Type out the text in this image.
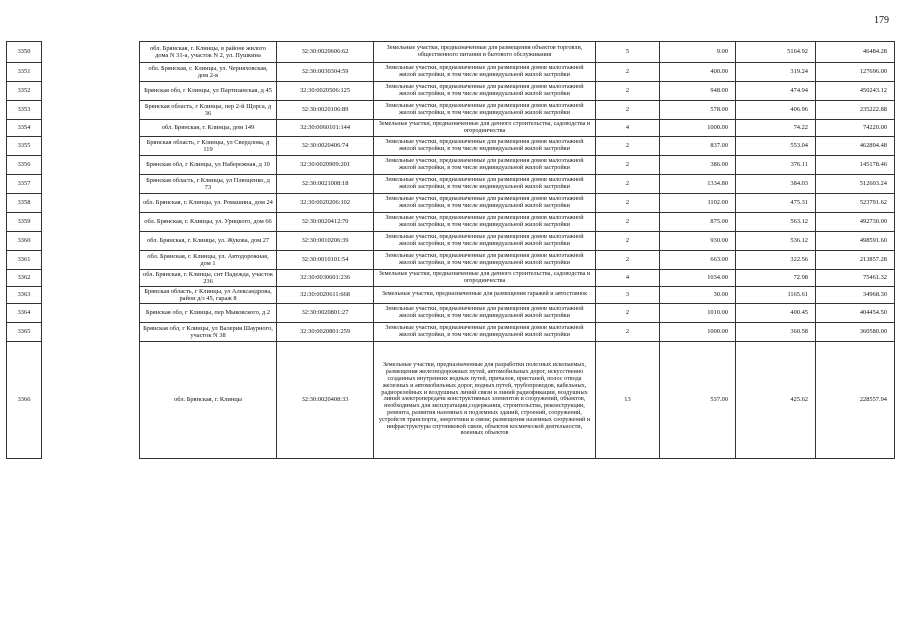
179
3350		обл. Брянская, г. Клинцы, в районе жилого дома N 31-а, участок N 2, ул. Пушкина	32:30:0020606:62	Земельные участки, предназначенные для размещения объектов торговли, общественного питания и бытового обслуживания	5	9.00	5164.92	46484.28
3351		обл. Брянская, г. Клинцы, ул. Черняховская, дом 2-в	32:30:0030304:59	Земельные участки, предназначенные для размещения домов малоэтажной жилой застройки, в том числе индивидуальной жилой застройки	2	400.00	319.24	127696.00
3352		Брянская обл, г Клинцы, ул Партизанская, д 45	32:30:0020506:125	Земельные участки, предназначенные для размещения домов малоэтажной жилой застройки, в том числе индивидуальной жилой застройки	2	948.00	474.94	450243.12
3353		Брянская область, г Клинцы, пер 2-й Щорса, д 36	32:30:0020106:89	Земельные участки, предназначенные для размещения домов малоэтажной жилой застройки, в том числе индивидуальной жилой застройки	2	578.00	406.96	235222.88
3354		обл. Брянская, г. Клинцы, дом 149	32:30:0060101:144	Земельные участки, предназначенные для дачного строительства, садоводства и огородничества	4	1000.00	74.22	74220.00
3355		Брянская область, г Клинцы, ул Свердлова, д 119	32:30:0020406:74	Земельные участки, предназначенные для размещения домов малоэтажной жилой застройки, в том числе индивидуальной жилой застройки	2	837.00	553.04	462894.48
3356		Брянская обл, г Клинцы, ул Набережная, д 10	32:30:0020909:201	Земельные участки, предназначенные для размещения домов малоэтажной жилой застройки, в том числе индивидуальной жилой застройки	2	386.00	376.11	145178.46
3357		Брянская область, г Клинцы, ул Плющенко, д 73	32:30:0021008:18	Земельные участки, предназначенные для размещения домов малоэтажной жилой застройки, в том числе индивидуальной жилой застройки	2	1334.80	384.03	512603.24
3358		обл. Брянская, г. Клинцы, ул. Ромашина, дом 24	32:30:0020206:102	Земельные участки, предназначенные для размещения домов малоэтажной жилой застройки, в том числе индивидуальной жилой застройки	2	1102.00	475.31	523791.62
3359		обл. Брянская, г. Клинцы, ул. Урицкого, дом 66	32:30:0020412:70	Земельные участки, предназначенные для размещения домов малоэтажной жилой застройки, в том числе индивидуальной жилой застройки	2	875.00	563.12	492730.00
3360		обл. Брянская, г. Клинцы, ул. Жукова, дом 27	32:30:0010206:39	Земельные участки, предназначенные для размещения домов малоэтажной жилой застройки, в том числе индивидуальной жилой застройки	2	930.00	536.12	498591.60
3361		обл. Брянская, г. Клинцы, ул. Автодорожная, дом 1	32:30:0010101:54	Земельные участки, предназначенные для размещения домов малоэтажной жилой застройки, в том числе индивидуальной жилой застройки	2	663.00	322.56	213857.28
3362		обл. Брянская, г. Клинцы, снт Надежда, участок 236	32:30:0030601:236	Земельные участки, предназначенные для дачного строительства, садоводства и огородничества	4	1034.00	72.98	75461.32
3363		Брянская область, г Клинцы, ул Александрова, район д/з 45, гараж 8	32:30:0020611:668	Земельные участки, предназначенные для размещения гаражей и автостоянок	3	30.00	1165.61	34968.30
3364		Брянская обл, г Клинцы, пер Мыковского, д 2	32:30:0020801:27	Земельные участки, предназначенные для размещения домов малоэтажной жилой застройки, в том числе индивидуальной жилой застройки	2	1010.00	400.45	404454.50
3365		Брянская обл, г Клинцы, ул Валерия Шаурного, участок N 38	32:30:0020801:259	Земельные участки, предназначенные для размещения домов малоэтажной жилой застройки, в том числе индивидуальной жилой застройки	2	1000.00	360.58	360580.00
3366		обл. Брянская, г. Клинцы	32:30:0020408:33	Земельные участки, предназначенные для разработки полезных ископаемых, размещения железнодорожных путей, автомобильных дорог, искусственно созданных внутренних водных путей, причалов, пристаней, полос отвода железных и автомобильных дорог, водных путей, трубопроводов, кабельных, радиорелейных и воздушных линий связи и линий радиофикации, воздушных линий электропередачи конструктивных элементов и сооружений, объектов, необходимых для эксплуатации,содержания, строительства, реконструкции, ремонта, развития наземных и подземных зданий, строений, сооружений, устройств транспорта, энергетики и связи; размещения наземных сооружений и инфраструктуры спутниковой связи, объектов космической деятельности, военных объектов	13	537.00	425.62	228557.94
